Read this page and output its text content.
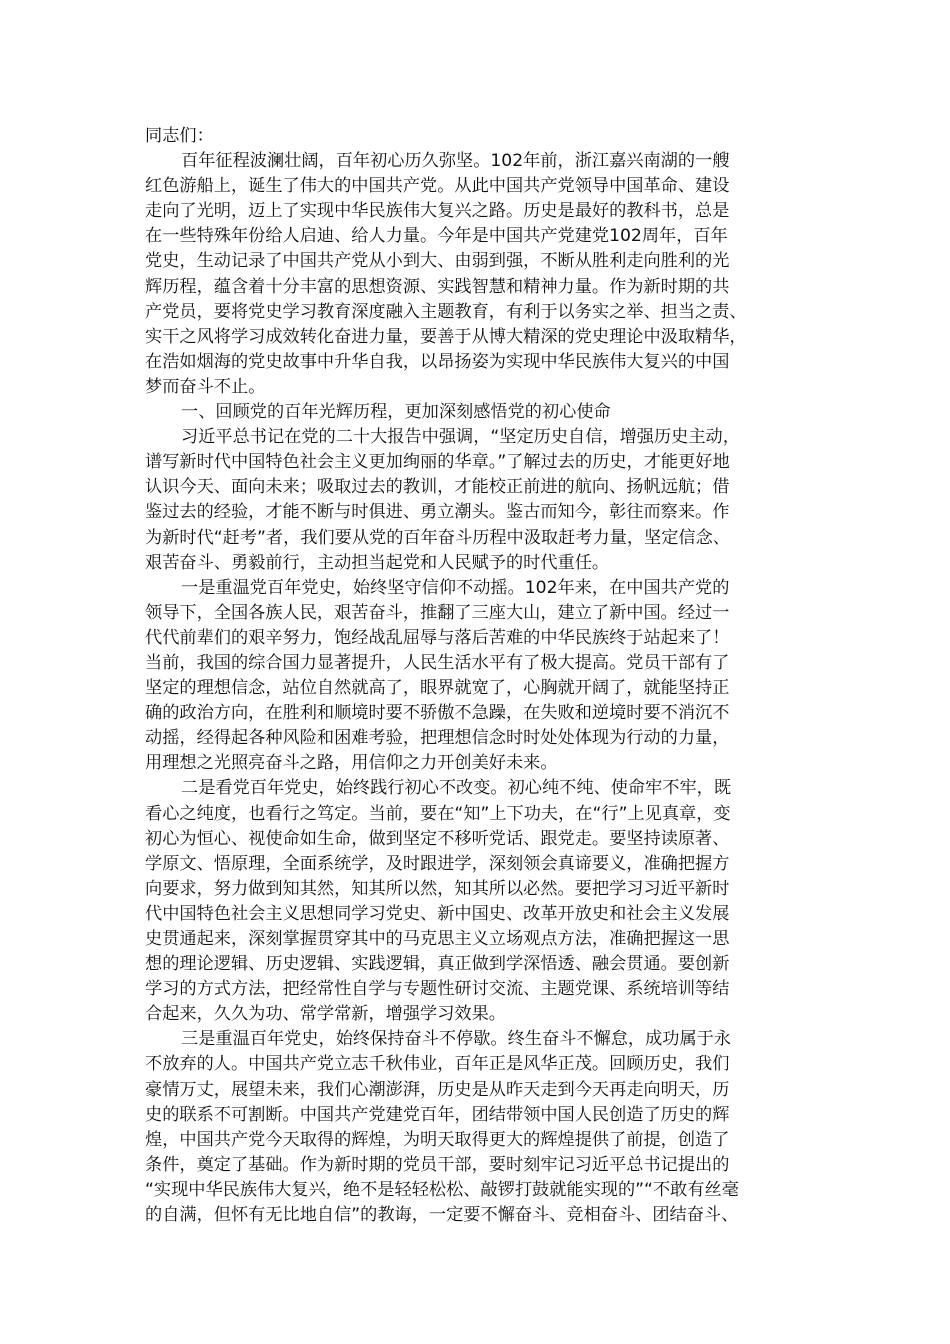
同志们：
百年征程波澜壮阔，百年初心历久弥坚。102年前，浙江嘉兴南湖的一艘
红色游船上，诞生了伟大的中国共产党。从此中国共产党领导中国革命、建设
走向了光明，迈上了实现中华民族伟大复兴之路。历史是最好的教科书，总是
在一些特殊年份给人启迪、给人力量。今年是中国共产党建党102周年，百年
党史，生动记录了中国共产党从小到大、由弱到强，不断从胜利走向胜利的光
辉历程，蕴含着十分丰富的思想资源、实践智慧和精神力量。作为新时期的共
产党员，要将党史学习教育深度融入主题教育，有利于以务实之举、担当之责、
实干之风将学习成效转化奋进力量，要善于从博大精深的党史理论中汲取精华，
在浩如烟海的党史故事中升华自我，以昂扬姿为实现中华民族伟大复兴的中国
梦而奋斗不止。
一、回顾党的百年光辉历程，更加深刻感悟党的初心使命
习近平总书记在党的二十大报告中强调，“坚定历史自信，增强历史主动，
谱写新时代中国特色社会主义更加绚丽的华章。”了解过去的历史，才能更好地
认识今天、面向未来；吸取过去的教训，才能校正前进的航向、扬帆远航；借
鉴过去的经验，才能不断与时俱进、勇立潮头。鉴古而知今，彰往而察来。作
为新时代“赶考”者，我们要从党的百年奋斗历程中汲取赶考力量，坚定信念、
艰苦奋斗、勇毅前行，主动担当起党和人民赋予的时代重任。
一是重温党百年党史，始终坚守信仰不动摇。102年来，在中国共产党的
领导下，全国各族人民，艰苦奋斗，推翻了三座大山，建立了新中国。经过一
代代前辈们的艰辛努力，饱经战乱屈辱与落后苦难的中华民族终于站起来了！
当前，我国的综合国力显著提升，人民生活水平有了极大提高。党员干部有了
坚定的理想信念，站位自然就高了，眼界就宽了，心胸就开阔了，就能坚持正
确的政治方向，在胜利和顺境时要不骄傲不急躁，在失败和逆境时要不消沉不
动摇，经得起各种风险和困难考验，把理想信念时时处处体现为行动的力量，
用理想之光照亮奋斗之路，用信仰之力开创美好未来。
二是看党百年党史，始终践行初心不改变。初心纯不纯、使命牢不牢，既
看心之纯度，也看行之笃定。当前，要在“知”上下功夫，在“行”上见真章，变
初心为恒心、视使命如生命，做到坚定不移听党话、跟党走。要坚持读原著、
学原文、悟原理，全面系统学，及时跟进学，深刻领会真谛要义，准确把握方
向要求，努力做到知其然，知其所以然，知其所以必然。要把学习习近平新时
代中国特色社会主义思想同学习党史、新中国史、改革开放史和社会主义发展
史贯通起来，深刻掌握贯穿其中的马克思主义立场观点方法，准确把握这一思
想的理论逻辑、历史逻辑、实践逻辑，真正做到学深悟透、融会贯通。要创新
学习的方式方法，把经常性自学与专题性研讨交流、主题党课、系统培训等结
合起来，久久为功、常学常新，增强学习效果。
三是重温百年党史，始终保持奋斗不停歇。终生奋斗不懈怠，成功属于永
不放弃的人。中国共产党立志千秋伟业，百年正是风华正茂。回顾历史，我们
豪情万丈，展望未来，我们心潮澎湃，历史是从昨天走到今天再走向明天，历
史的联系不可割断。中国共产党建党百年，团结带领中国人民创造了历史的辉
煌，中国共产党今天取得的辉煌，为明天取得更大的辉煌提供了前提，创造了
条件，奠定了基础。作为新时期的党员干部，要时刻牢记习近平总书记提出的
“实现中华民族伟大复兴，绝不是轻轻松松、敲锣打鼓就能实现的”“不敢有丝毫
的自满，但怀有无比地自信”的教诲，一定要不懈奋斗、竞相奋斗、团结奋斗、
